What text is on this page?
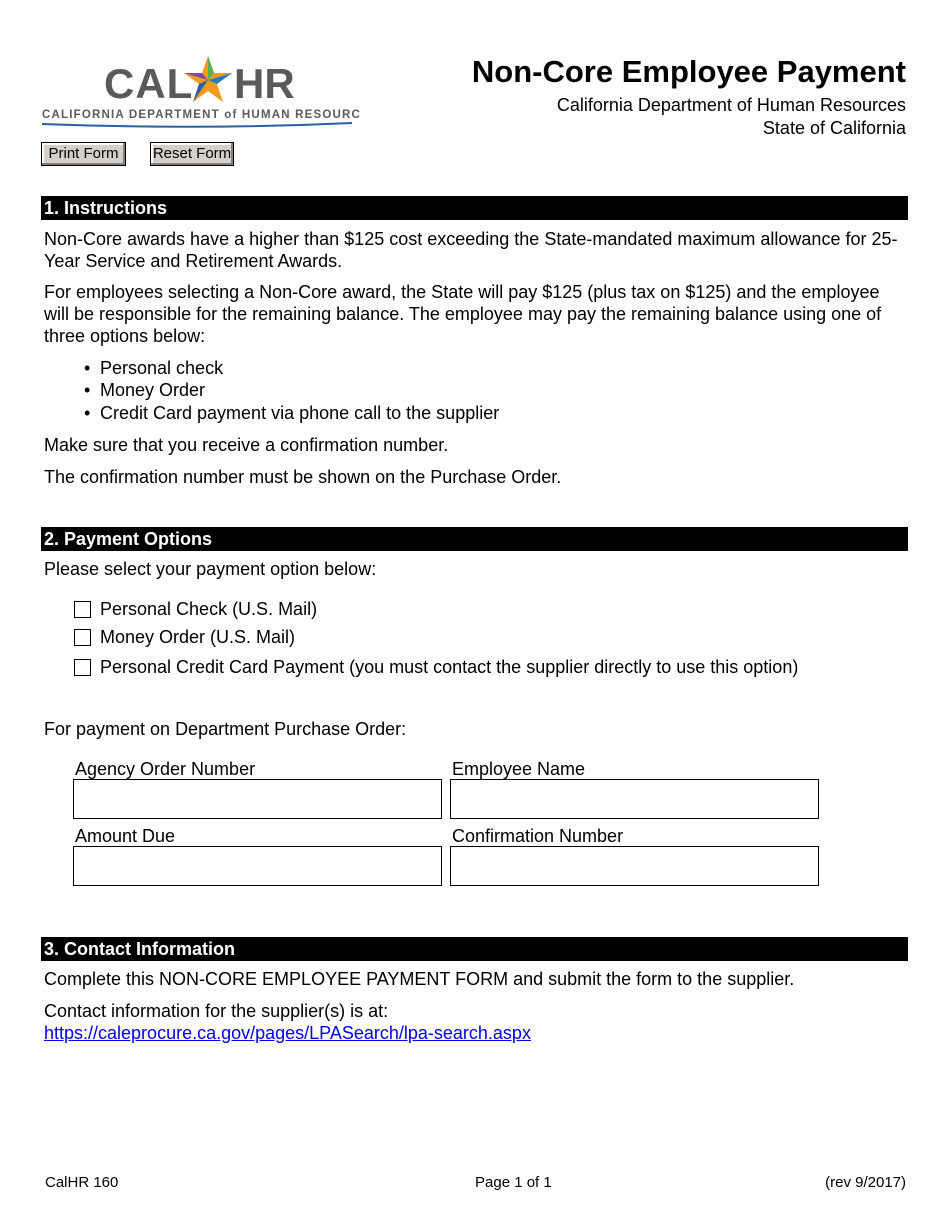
CAL HR
CALIFORNIA DEPARTMENT of HUMAN RESOURCES
Non-Core Employee Payment
California Department of Human Resources
State of California
Print Form	Reset Form
1. Instructions
Non-Core awards have a higher than $125 cost exceeding the State-mandated maximum allowance for 25-Year Service and Retirement Awards.
For employees selecting a Non-Core award, the State will pay $125 (plus tax on $125) and the employee will be responsible for the remaining balance. The employee may pay the remaining balance using one of three options below:
• Personal check
• Money Order
• Credit Card payment via phone call to the supplier
Make sure that you receive a confirmation number.
The confirmation number must be shown on the Purchase Order.
2. Payment Options
Please select your payment option below:
Personal Check (U.S. Mail)
Money Order (U.S. Mail)
Personal Credit Card Payment (you must contact the supplier directly to use this option)
For payment on Department Purchase Order:
Agency Order Number	Employee Name
Amount Due	Confirmation Number
3. Contact Information
Complete this NON-CORE EMPLOYEE PAYMENT FORM and submit the form to the supplier.
Contact information for the supplier(s) is at:
https://caleprocure.ca.gov/pages/LPASearch/lpa-search.aspx
CalHR 160	Page 1 of 1	(rev 9/2017)
